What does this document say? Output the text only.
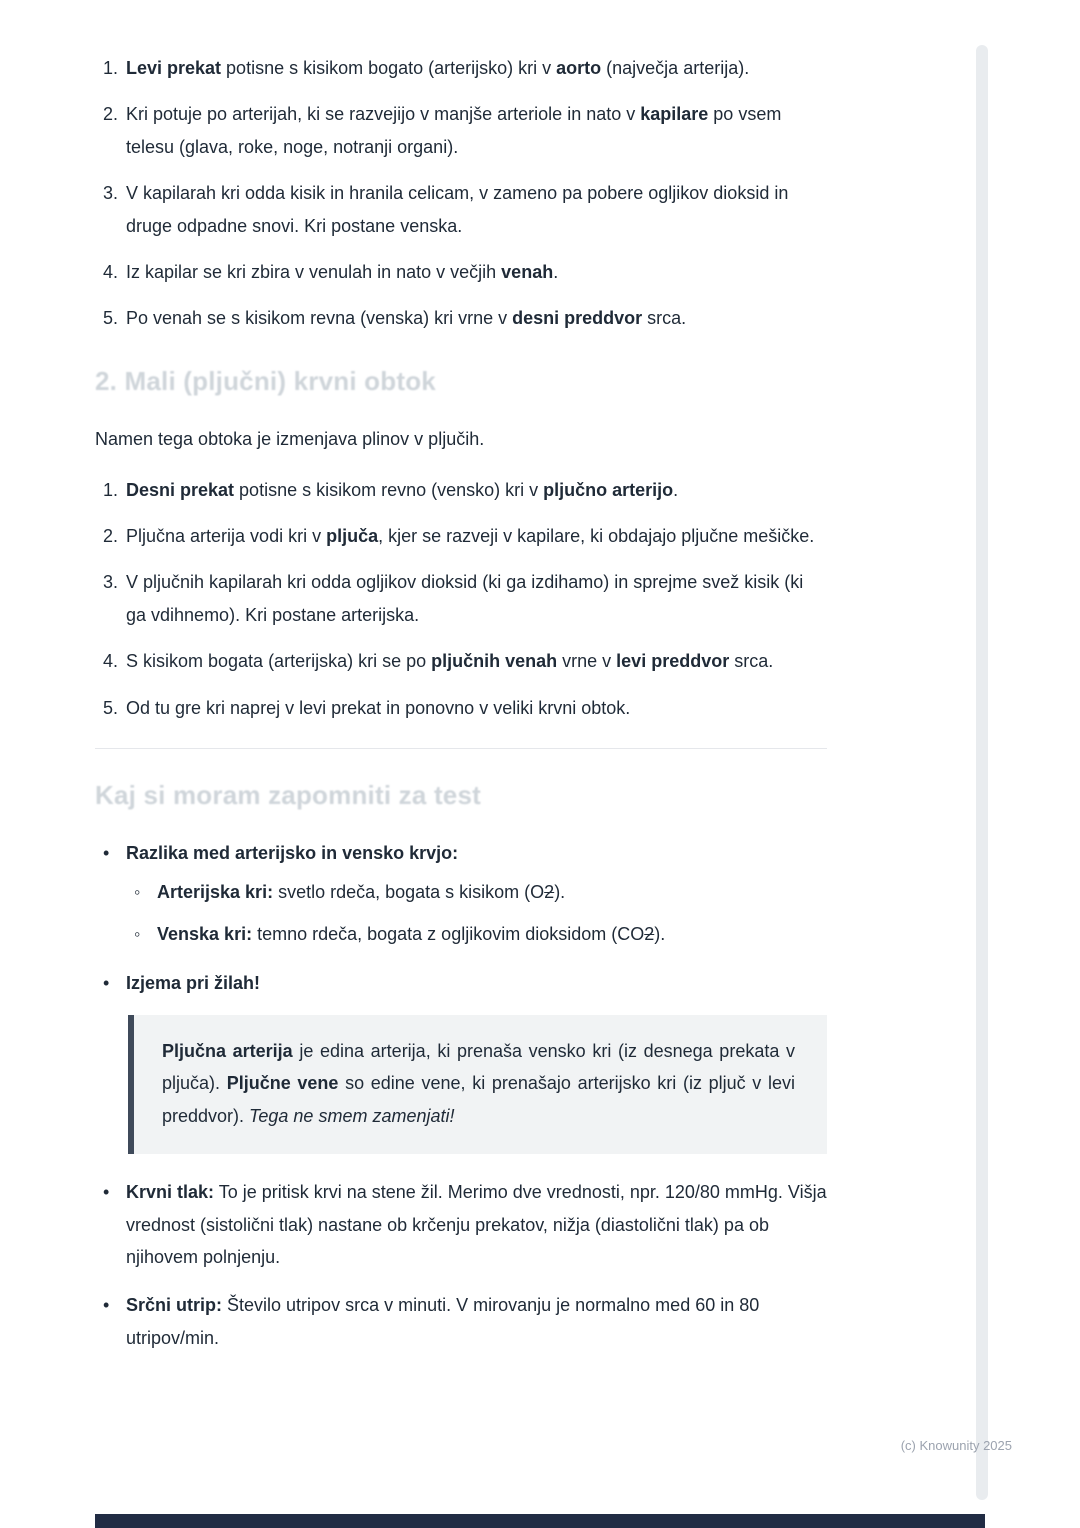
1. Levi prekat potisne s kisikom bogato (arterijsko) kri v aorto (največja arterija).
2. Kri potuje po arterijah, ki se razvejijo v manjše arteriole in nato v kapilare po vsem telesu (glava, roke, noge, notranji organi).
3. V kapilarah kri odda kisik in hranila celicam, v zameno pa pobere ogljikov dioksid in druge odpadne snovi. Kri postane venska.
4. Iz kapilar se kri zbira v venulah in nato v večjih venah.
5. Po venah se s kisikom revna (venska) kri vrne v desni preddvor srca.
2. Mali (pljučni) krvni obtok

Namen tega obtoka je izmenjava plinov v pljučih.

1. Desni prekat potisne s kisikom revno (vensko) kri v pljučno arterijo.
2. Pljučna arterija vodi kri v pljuča, kjer se razveji v kapilare, ki obdajajo pljučne mešičke.
3. V pljučnih kapilarah kri odda ogljikov dioksid (ki ga izdihamo) in sprejme svež kisik (ki ga vdihnemo). Kri postane arterijska.
4. S kisikom bogata (arterijska) kri se po pljučnih venah vrne v levi preddvor srca.
5. Od tu gre kri naprej v levi prekat in ponovno v veliki krvni obtok.
Kaj si moram zapomniti za test
• Razlika med arterijsko in vensko krvjo:
◦ Arterijska kri: svetlo rdeča, bogata s kisikom (O2).
◦ Venska kri: temno rdeča, bogata z ogljikovim dioksidom (CO2).
• Izjema pri žilah!

Pljučna arterija je edina arterija, ki prenaša vensko kri (iz desnega prekata v pljuča). Pljučne vene so edine vene, ki prenašajo arterijsko kri (iz pljuč v levi preddvor). Tega ne smem zamenjati!

• Krvni tlak: To je pritisk krvi na stene žil. Merimo dve vrednosti, npr. 120/80 mmHg. Višja vrednost (sistolični tlak) nastane ob krčenju prekatov, nižja (diastolični tlak) pa ob njihovem polnjenju.
• Srčni utrip: Število utripov srca v minuti. V mirovanju je normalno med 60 in 80 utripov/min.
(c) Knowunity 2025
